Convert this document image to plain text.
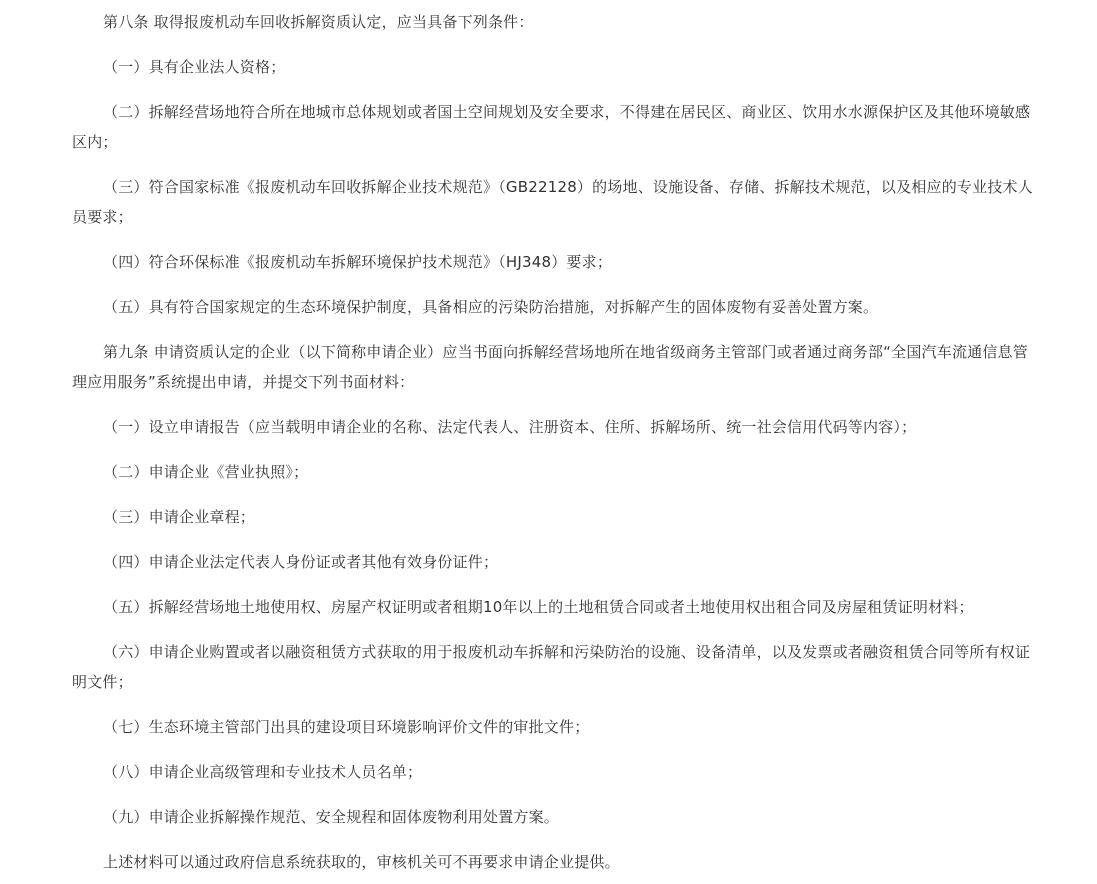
第八条 取得报废机动车回收拆解资质认定，应当具备下列条件：

（一）具有企业法人资格；

（二）拆解经营场地符合所在地城市总体规划或者国土空间规划及安全要求，不得建在居民区、商业区、饮用水水源保护区及其他环境敏感区内；

（三）符合国家标准《报废机动车回收拆解企业技术规范》（GB22128）的场地、设施设备、存储、拆解技术规范，以及相应的专业技术人员要求；

（四）符合环保标准《报废机动车拆解环境保护技术规范》（HJ348）要求；

（五）具有符合国家规定的生态环境保护制度，具备相应的污染防治措施，对拆解产生的固体废物有妥善处置方案。

第九条 申请资质认定的企业（以下简称申请企业）应当书面向拆解经营场地所在地省级商务主管部门或者通过商务部“全国汽车流通信息管理应用服务”系统提出申请，并提交下列书面材料：

（一）设立申请报告（应当载明申请企业的名称、法定代表人、注册资本、住所、拆解场所、统一社会信用代码等内容）；

（二）申请企业《营业执照》；

（三）申请企业章程；

（四）申请企业法定代表人身份证或者其他有效身份证件；

（五）拆解经营场地土地使用权、房屋产权证明或者租期10年以上的土地租赁合同或者土地使用权出租合同及房屋租赁证明材料；

（六）申请企业购置或者以融资租赁方式获取的用于报废机动车拆解和污染防治的设施、设备清单，以及发票或者融资租赁合同等所有权证明文件；

（七）生态环境主管部门出具的建设项目环境影响评价文件的审批文件；

（八）申请企业高级管理和专业技术人员名单；

（九）申请企业拆解操作规范、安全规程和固体废物利用处置方案。

上述材料可以通过政府信息系统获取的，审核机关可不再要求申请企业提供。
